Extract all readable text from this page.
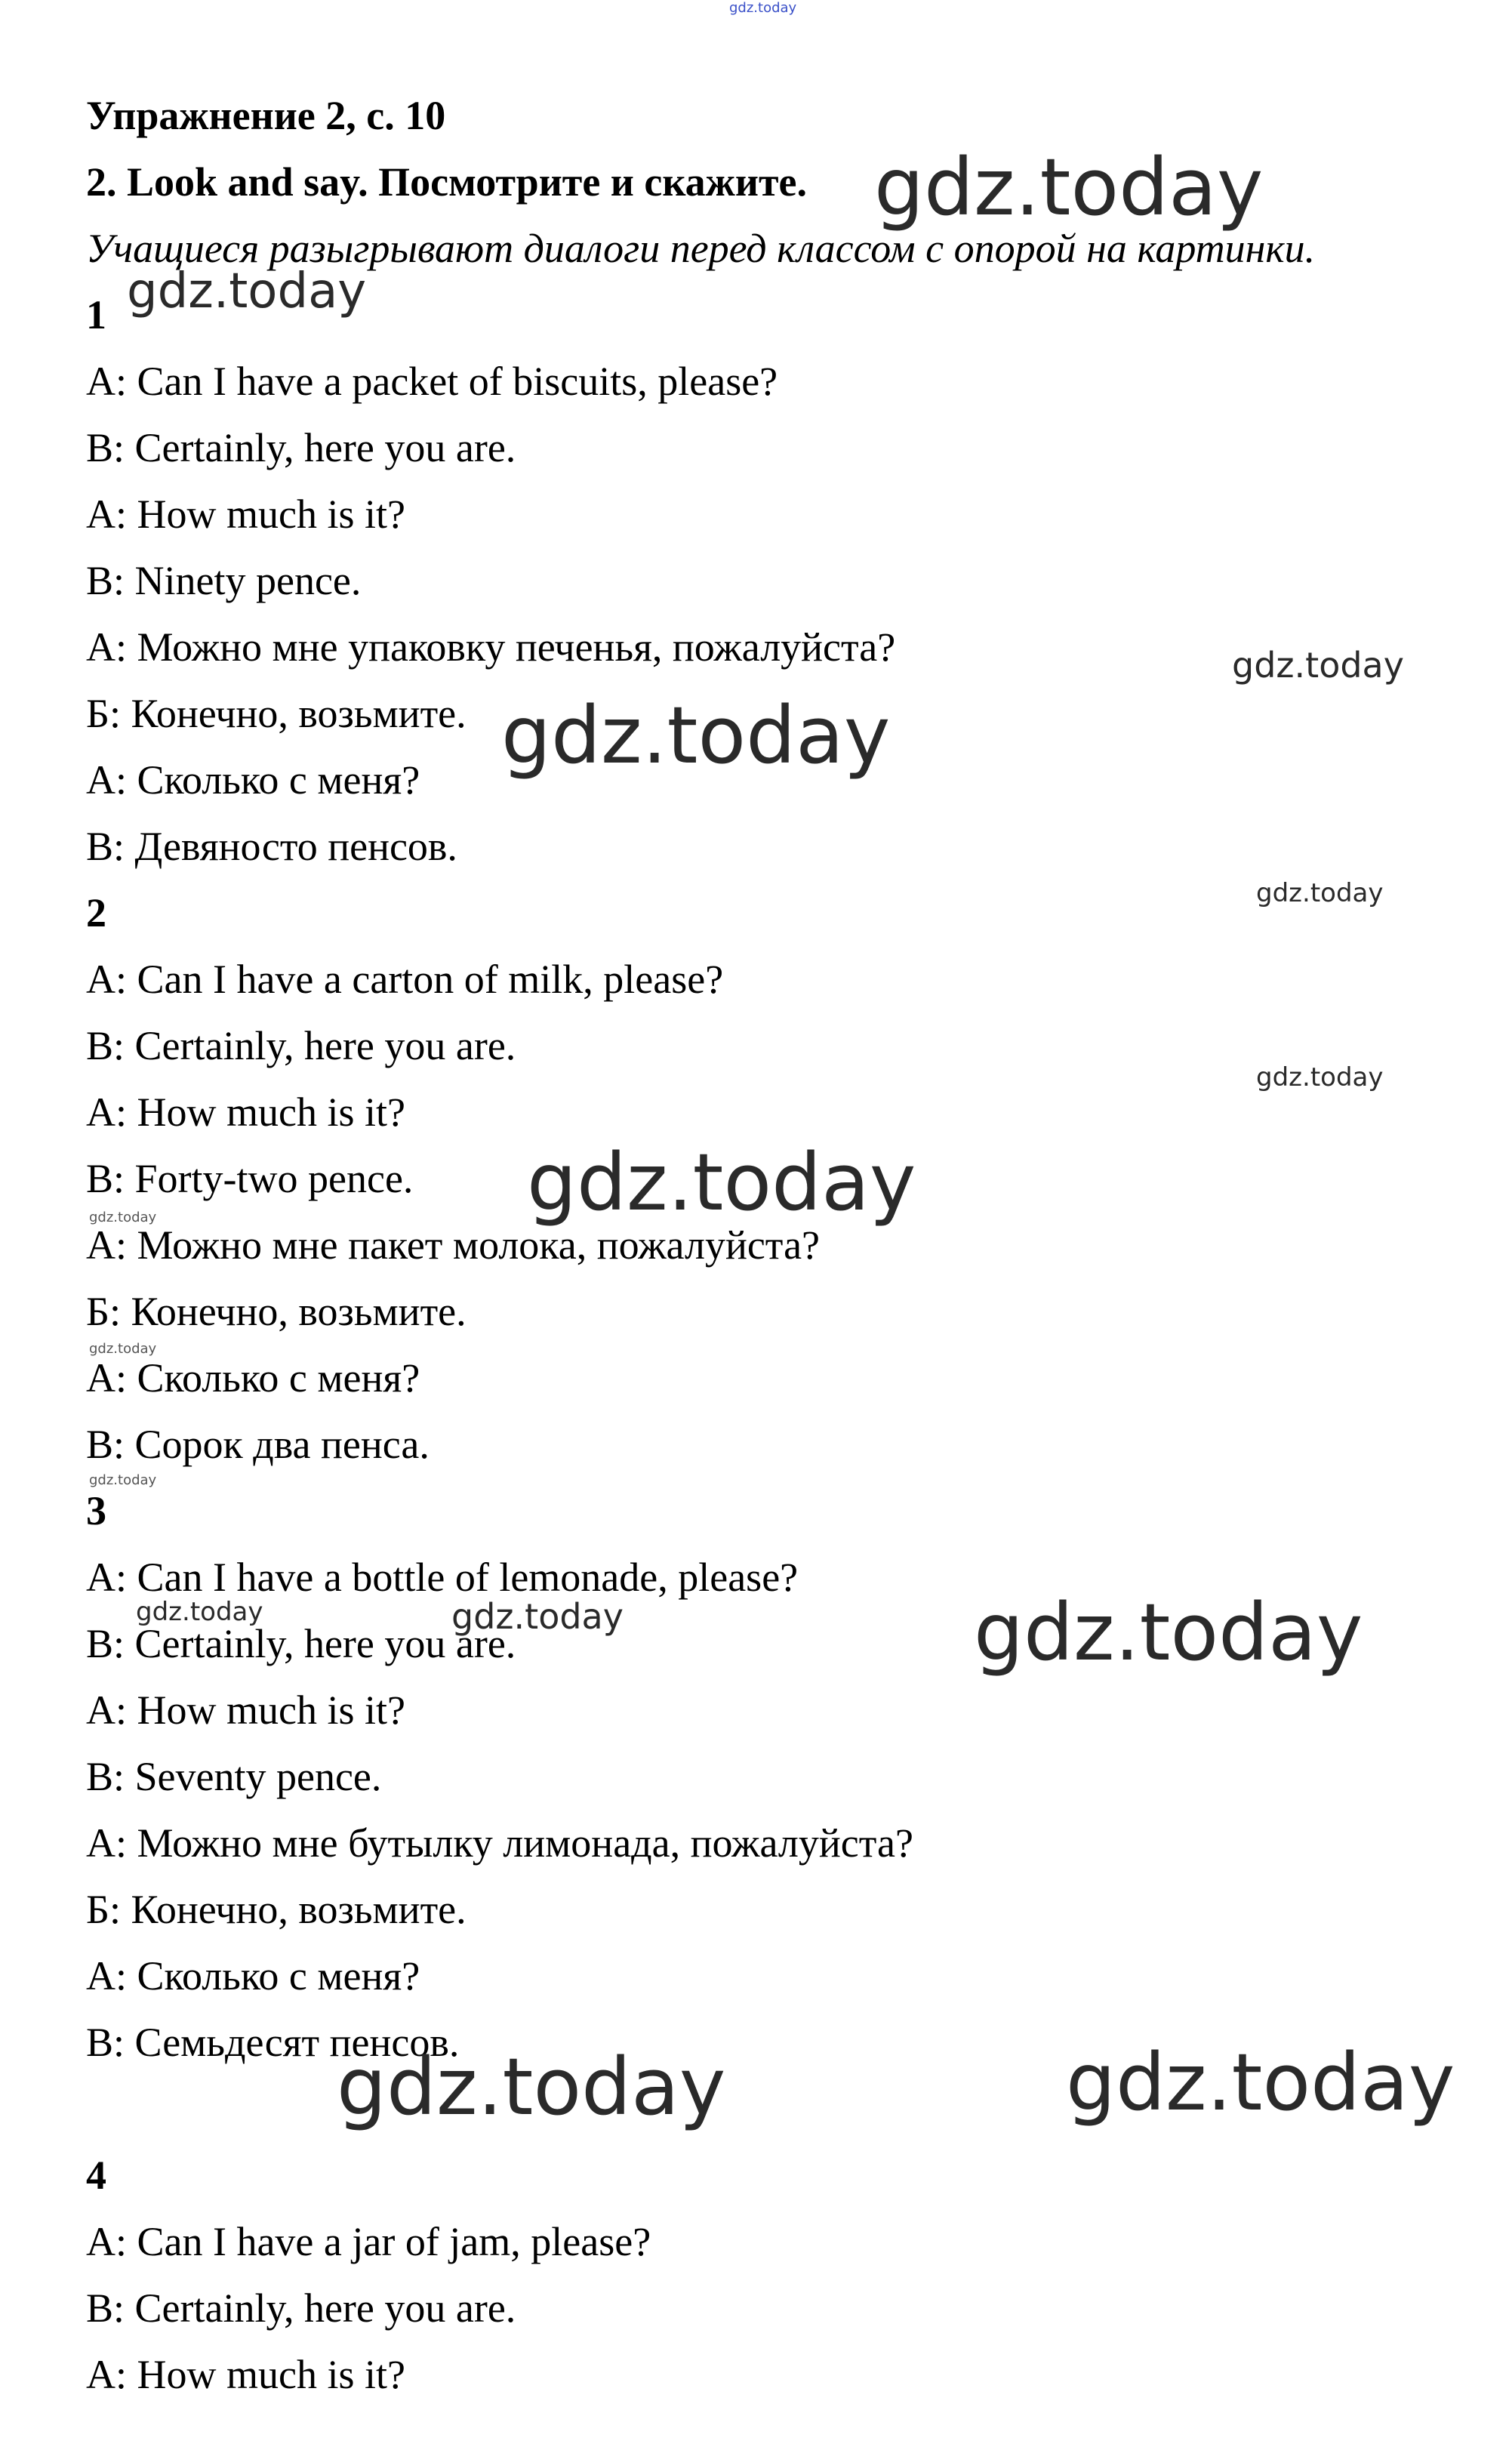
Упражнение 2, с. 10
2. Look and say. Посмотрите и скажите.
Учащиеся разыгрывают диалоги перед классом с опорой на картинки.
1
A: Can I have a packet of biscuits, please?
B: Certainly, here you are.
A: How much is it?
B: Ninety pence.
А: Можно мне упаковку печенья, пожалуйста?
Б: Конечно, возьмите.
А: Сколько с меня?
В: Девяносто пенсов.
2
A: Can I have a carton of milk, please?
B: Certainly, here you are.
A: How much is it?
B: Forty-two pence.
А: Можно мне пакет молока, пожалуйста?
Б: Конечно, возьмите.
А: Сколько с меня?
В: Сорок два пенса.
3
A: Can I have a bottle of lemonade, please?
B: Certainly, here you are.
A: How much is it?
B: Seventy pence.
А: Можно мне бутылку лимонада, пожалуйста?
Б: Конечно, возьмите.
А: Сколько с меня?
В: Семьдесят пенсов.
4
A: Can I have a jar of jam, please?
B: Certainly, here you are.
A: How much is it?
gdz.today
gdz.today
gdz.today
gdz.today
gdz.today
gdz.today
gdz.today
gdz.today
gdz.today
gdz.today
gdz.today
gdz.today	gdz.today	gdz.today
gdz.today	gdz.today
